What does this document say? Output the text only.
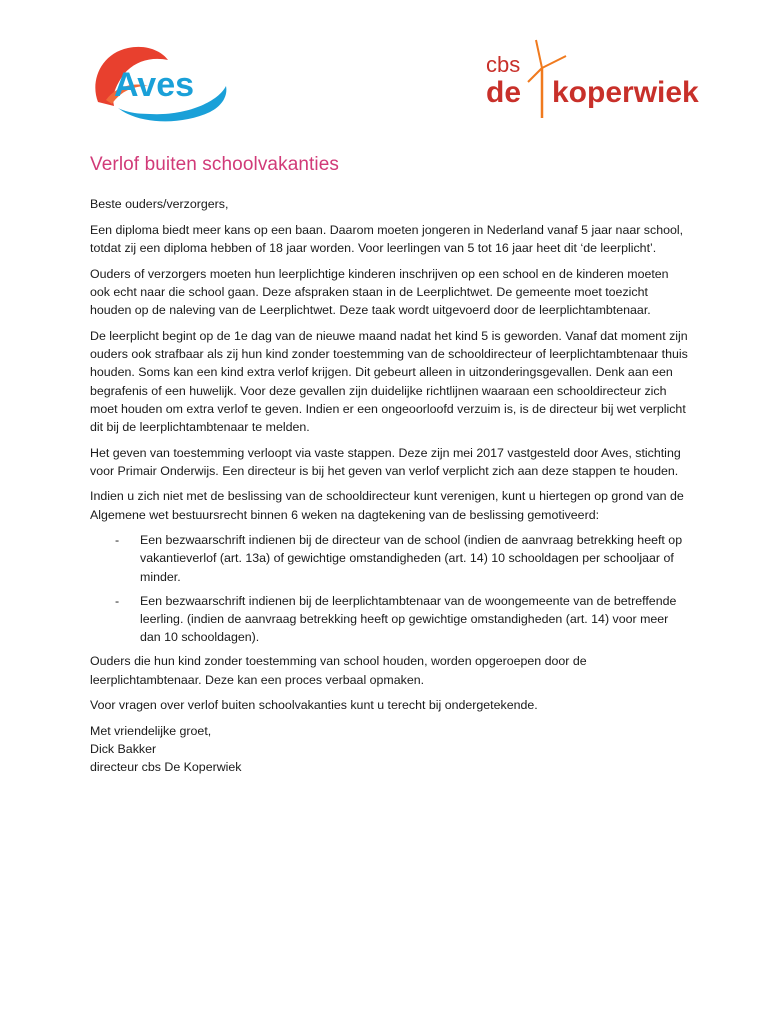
Aves
cbs
de koperwiek
Verlof buiten schoolvakanties

Beste ouders/verzorgers,

Een diploma biedt meer kans op een baan. Daarom moeten jongeren in Nederland vanaf 5 jaar naar school, totdat zij een diploma hebben of 18 jaar worden. Voor leerlingen van 5 tot 16 jaar heet dit ‘de leerplicht’.

Ouders of verzorgers moeten hun leerplichtige kinderen inschrijven op een school en de kinderen moeten ook echt naar die school gaan. Deze afspraken staan in de Leerplichtwet. De gemeente moet toezicht houden op de naleving van de Leerplichtwet. Deze taak wordt uitgevoerd door de leerplichtambtenaar.

De leerplicht begint op de 1e dag van de nieuwe maand nadat het kind 5 is geworden. Vanaf dat moment zijn ouders ook strafbaar als zij hun kind zonder toestemming van de schooldirecteur of leerplichtambtenaar thuis houden. Soms kan een kind extra verlof krijgen. Dit gebeurt alleen in uitzonderingsgevallen. Denk aan een begrafenis of een huwelijk. Voor deze gevallen zijn duidelijke richtlijnen waaraan een schooldirecteur zich moet houden om extra verlof te geven. Indien er een ongeoorloofd verzuim is, is de directeur bij wet verplicht dit bij de leerplichtambtenaar te melden.

Het geven van toestemming verloopt via vaste stappen. Deze zijn mei 2017 vastgesteld door Aves, stichting voor Primair Onderwijs. Een directeur is bij het geven van verlof verplicht zich aan deze stappen te houden.

Indien u zich niet met de beslissing van de schooldirecteur kunt verenigen, kunt u hiertegen op grond van de Algemene wet bestuursrecht binnen 6 weken na dagtekening van de beslissing gemotiveerd:

- Een bezwaarschrift indienen bij de directeur van de school (indien de aanvraag betrekking heeft op vakantieverlof (art. 13a) of gewichtige omstandigheden (art. 14) 10 schooldagen per schooljaar of minder.
- Een bezwaarschrift indienen bij de leerplichtambtenaar van de woongemeente van de betreffende leerling. (indien de aanvraag betrekking heeft op gewichtige omstandigheden (art. 14) voor meer dan 10 schooldagen).

Ouders die hun kind zonder toestemming van school houden, worden opgeroepen door de leerplichtambtenaar. Deze kan een proces verbaal opmaken.

Voor vragen over verlof buiten schoolvakanties kunt u terecht bij ondergetekende.

Met vriendelijke groet,

Dick Bakker

directeur cbs De Koperwiek
